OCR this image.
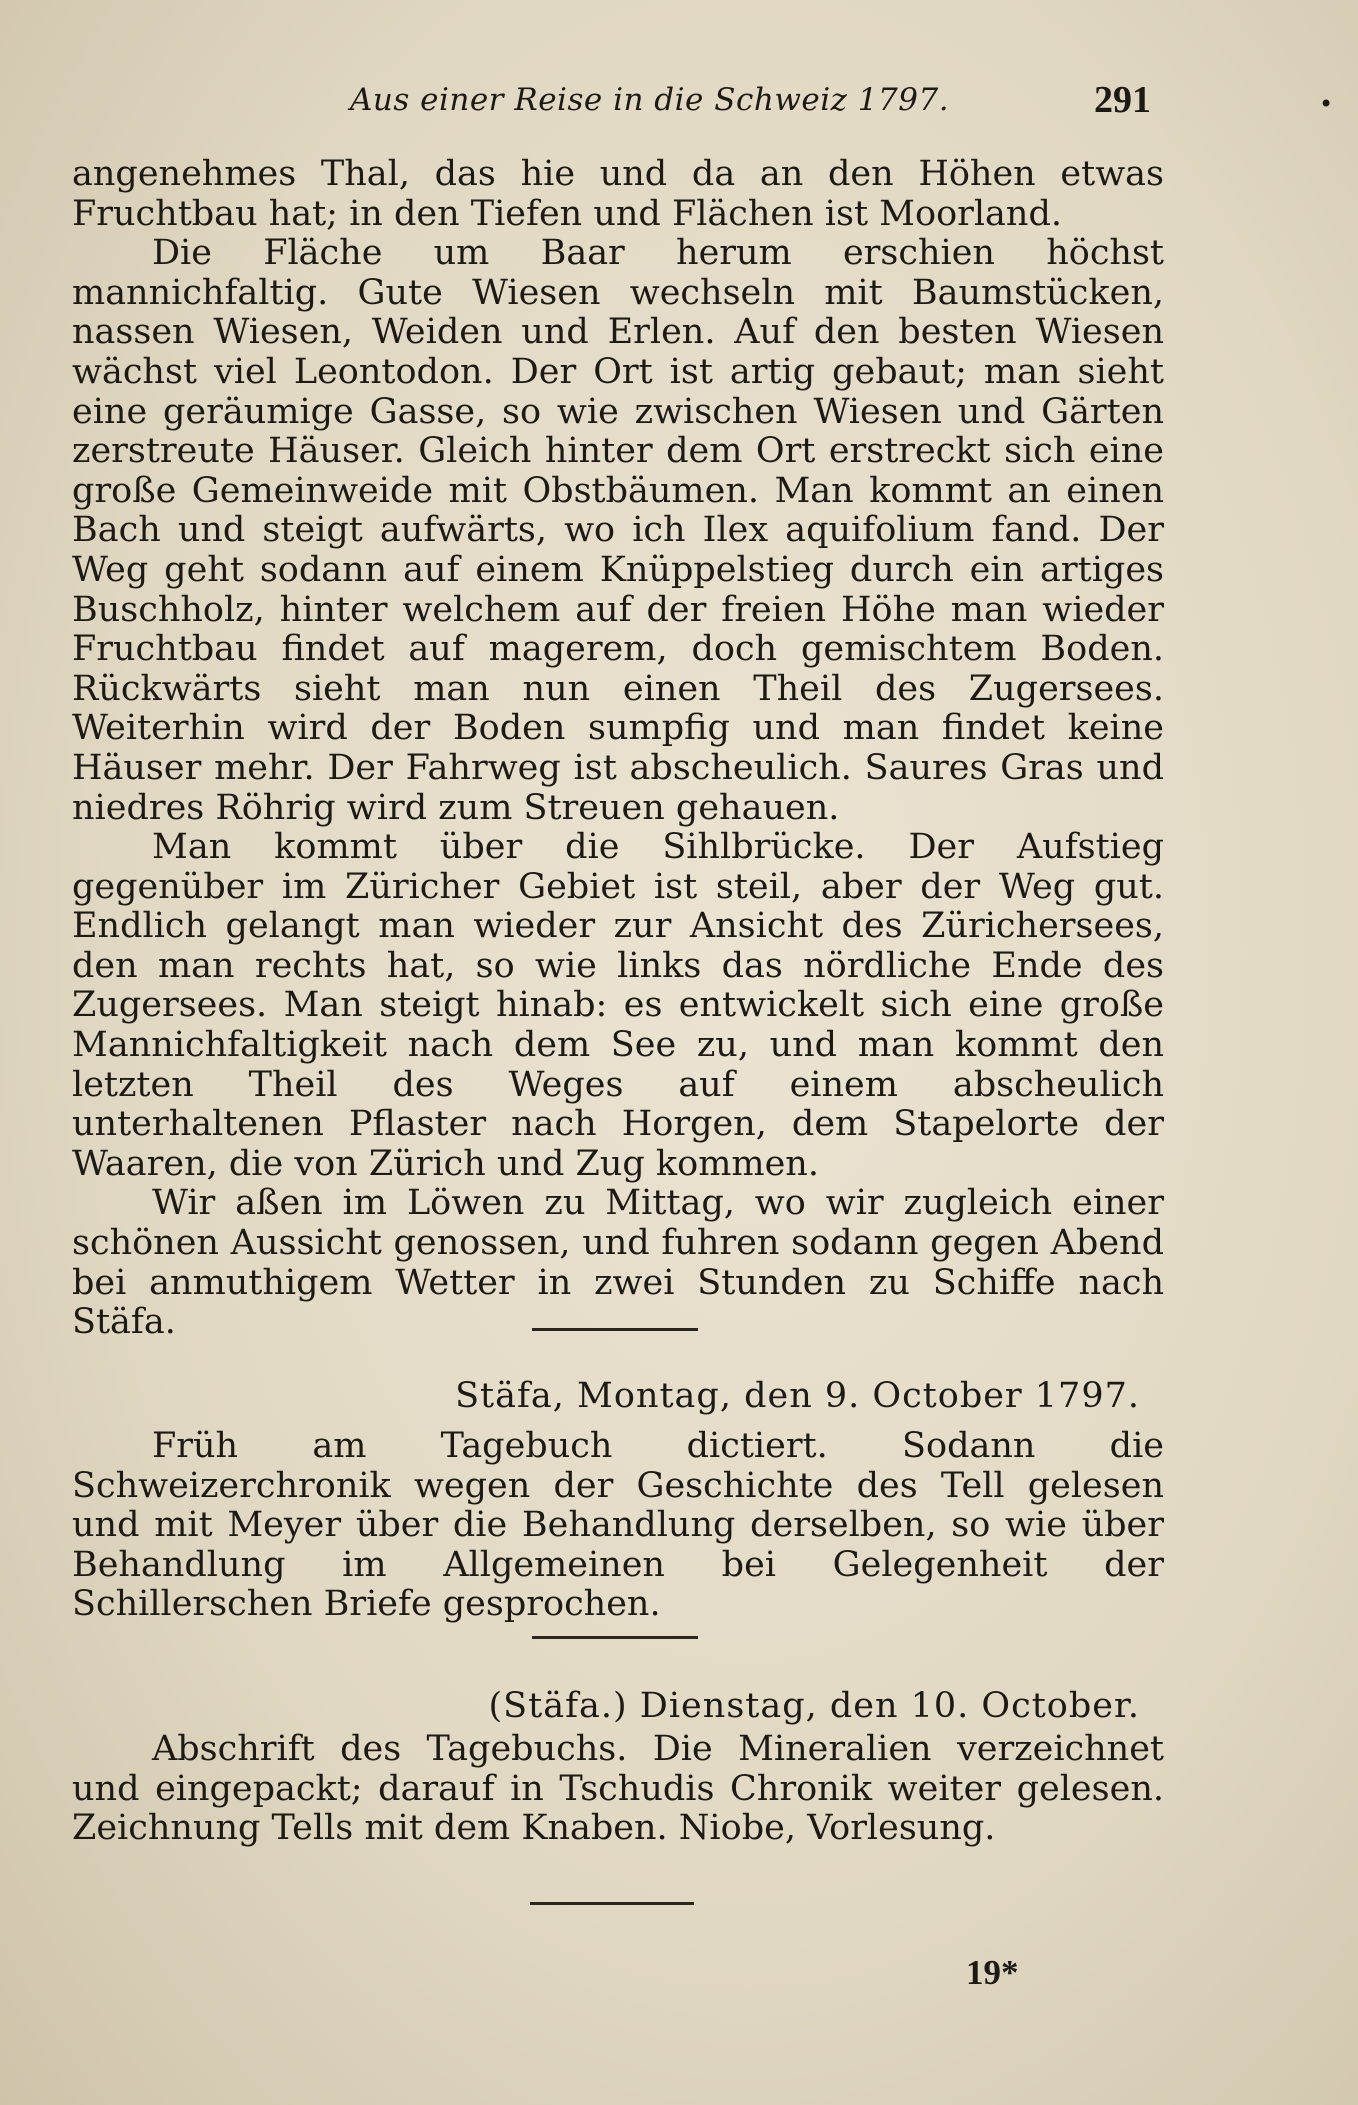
Aus einer Reise in die Schweiz 1797.	291	•

angenehmes Thal, das hie und da an den Höhen etwas Fruchtbau hat; in den Tiefen und Flächen ist Moorland.

Die Fläche um Baar herum erschien höchst mannichfaltig. Gute Wiesen wechseln mit Baumstücken, nassen Wiesen, Weiden und Erlen. Auf den besten Wiesen wächst viel Leontodon. Der Ort ist artig gebaut; man sieht eine geräumige Gasse, so wie zwischen Wiesen und Gärten zerstreute Häuser. Gleich hinter dem Ort erstreckt sich eine große Gemeinweide mit Obstbäumen. Man kommt an einen Bach und steigt aufwärts, wo ich Ilex aquifolium fand. Der Weg geht sodann auf einem Knüppelstieg durch ein artiges Buschholz, hinter welchem auf der freien Höhe man wieder Fruchtbau findet auf magerem, doch gemischtem Boden. Rückwärts sieht man nun einen Theil des Zugersees. Weiterhin wird der Boden sumpfig und man findet keine Häuser mehr. Der Fahrweg ist abscheulich. Saures Gras und niedres Röhrig wird zum Streuen gehauen.

Man kommt über die Sihlbrücke. Der Aufstieg gegenüber im Züricher Gebiet ist steil, aber der Weg gut. Endlich gelangt man wieder zur Ansicht des Zürichersees, den man rechts hat, so wie links das nördliche Ende des Zugersees. Man steigt hinab: es entwickelt sich eine große Mannichfaltigkeit nach dem See zu, und man kommt den letzten Theil des Weges auf einem abscheulich unterhaltenen Pflaster nach Horgen, dem Stapelorte der Waaren, die von Zürich und Zug kommen.

Wir aßen im Löwen zu Mittag, wo wir zugleich einer schönen Aussicht genossen, und fuhren sodann gegen Abend bei anmuthigem Wetter in zwei Stunden zu Schiffe nach Stäfa.

Stäfa, Montag, den 9. October 1797.

Früh am Tagebuch dictiert. Sodann die Schweizerchronik wegen der Geschichte des Tell gelesen und mit Meyer über die Behandlung derselben, so wie über Behandlung im Allgemeinen bei Gelegenheit der Schillerschen Briefe gesprochen.

(Stäfa.) Dienstag, den 10. October.

Abschrift des Tagebuchs. Die Mineralien verzeichnet und eingepackt; darauf in Tschudis Chronik weiter gelesen. Zeichnung Tells mit dem Knaben. Niobe, Vorlesung.

19*
